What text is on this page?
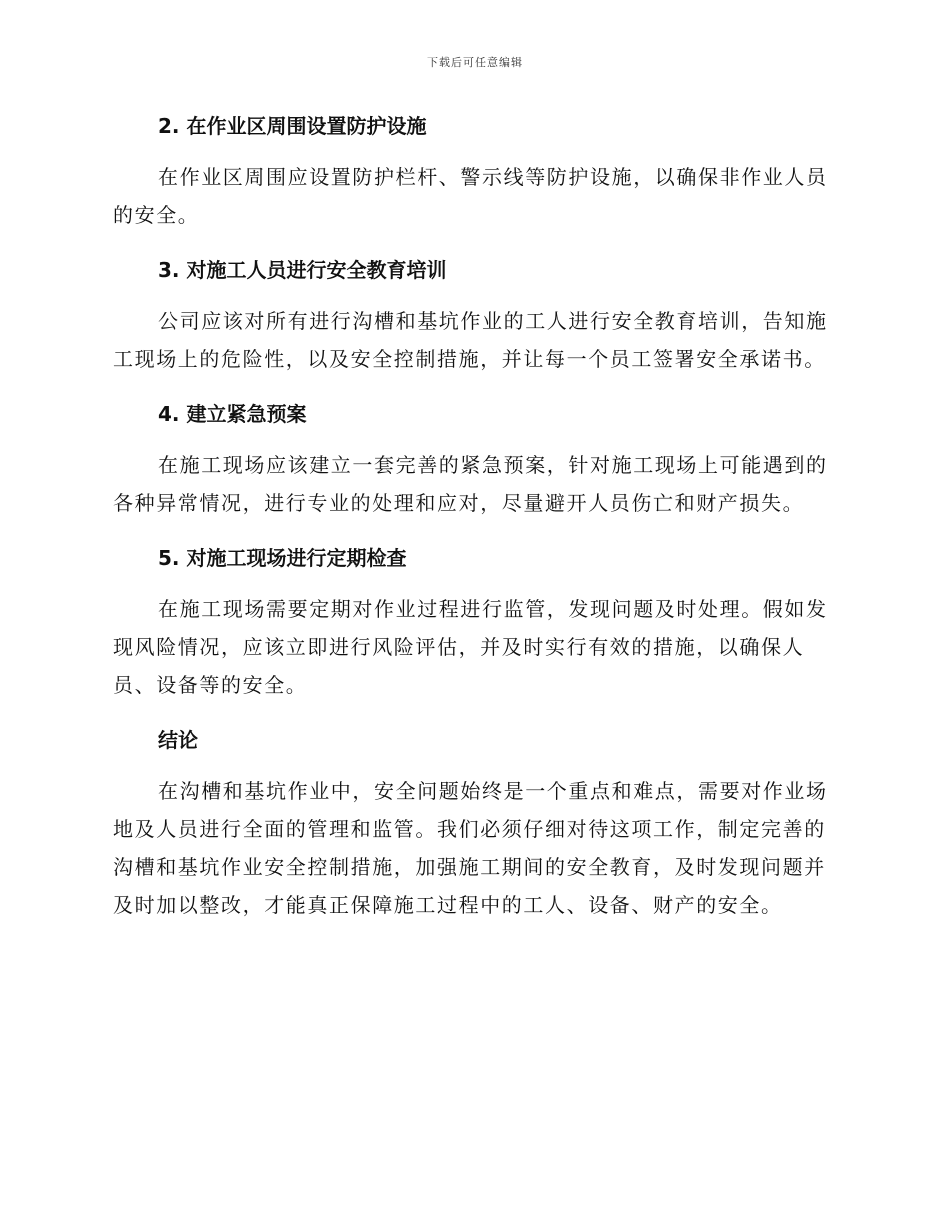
下载后可任意编辑
2. 在作业区周围设置防护设施

在作业区周围应设置防护栏杆、警示线等防护设施，以确保非作业人员
的安全。

3. 对施工人员进行安全教育培训

公司应该对所有进行沟槽和基坑作业的工人进行安全教育培训，告知施
工现场上的危险性，以及安全控制措施，并让每一个员工签署安全承诺书。

4. 建立紧急预案

在施工现场应该建立一套完善的紧急预案，针对施工现场上可能遇到的
各种异常情况，进行专业的处理和应对，尽量避开人员伤亡和财产损失。

5. 对施工现场进行定期检查

在施工现场需要定期对作业过程进行监管，发现问题及时处理。假如发
现风险情况，应该立即进行风险评估，并及时实行有效的措施，以确保人
员、设备等的安全。

结论

在沟槽和基坑作业中，安全问题始终是一个重点和难点，需要对作业场
地及人员进行全面的管理和监管。我们必须仔细对待这项工作，制定完善的
沟槽和基坑作业安全控制措施，加强施工期间的安全教育，及时发现问题并
及时加以整改，才能真正保障施工过程中的工人、设备、财产的安全。
